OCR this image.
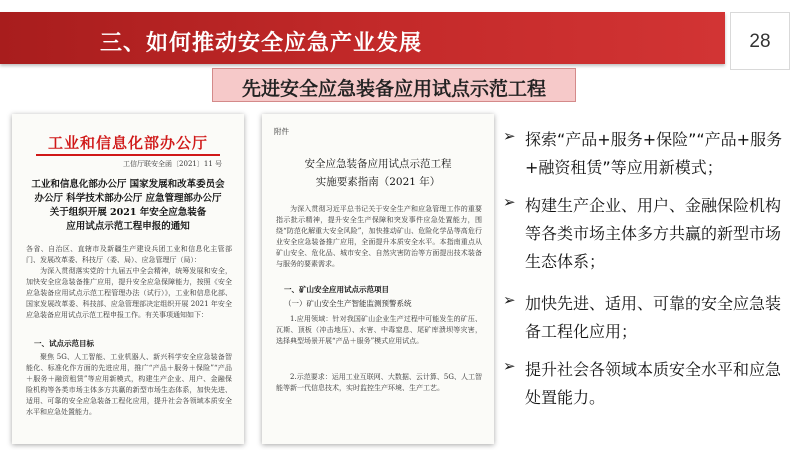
三、如何推动安全应急产业发展	28
先进安全应急装备应用试点示范工程
工业和信息化部办公厅
工信厅联安全函〔2021〕11 号
工业和信息化部办公厅 国家发展和改革委员会
办公厅 科学技术部办公厅 应急管理部办公厅
关于组织开展 2021 年安全应急装备
应用试点示范工程申报的通知
各省、自治区、直辖市及新疆生产建设兵团工业和信息化主管部门、发展改革委、科技厅（委、局）、应急管理厅（局）：
为深入贯彻落实党的十九届五中全会精神，统筹发展和安全，加快安全应急装备推广应用，提升安全应急保障能力，按照《安全应急装备应用试点示范工程管理办法（试行）》，工业和信息化部、国家发展改革委、科技部、应急管理部决定组织开展 2021 年安全应急装备应用试点示范工程申报工作。有关事项通知如下：
一、试点示范目标
聚焦 5G、人工智能、工业机器人、新兴科学安全应急装备智能化、标准化作方面的先进应用，推广“产品＋服务＋保险”“产品＋服务＋融资租赁”等应用新模式，构建生产企业、用户、金融保险机构等各类市场主体多方共赢的新型市场生态体系，加快先进、适用、可靠的安全应急装备工程化应用，提升社会各领域本质安全水平和应急处置能力。
附件
安全应急装备应用试点示范工程
实施要素指南（2021 年）
为深入贯彻习近平总书记关于安全生产和应急管理工作的重要指示批示精神，提升安全生产保障和突发事件应急处置能力，围绕“防范化解重大安全风险”，加快推动矿山、危险化学品等高危行业安全应急装备推广应用，全面提升本质安全水平。本指南重点从矿山安全、危化品、城市安全、自然灾害防治等方面提出技术装备与服务的要素需求。
一、矿山安全应用试点示范项目
（一）矿山安全生产智能监测预警系统
1.应用领域：针对我国矿山企业生产过程中可能发生的矿压、瓦斯、顶板（冲击地压）、水害、中毒窒息、尾矿库溃坝等灾害，选择典型场景开展“产品＋服务”模式应用试点。
2.示范要求：运用工业互联网、大数据、云计算、5G、人工智能等新一代信息技术，实时监控生产环境、生产工艺。
➢ 探索“产品+服务+保险”“产品+服务+融资租赁”等应用新模式；
➢ 构建生产企业、用户、金融保险机构等各类市场主体多方共赢的新型市场生态体系；
➢ 加快先进、适用、可靠的安全应急装备工程化应用；
➢ 提升社会各领域本质安全水平和应急处置能力。
